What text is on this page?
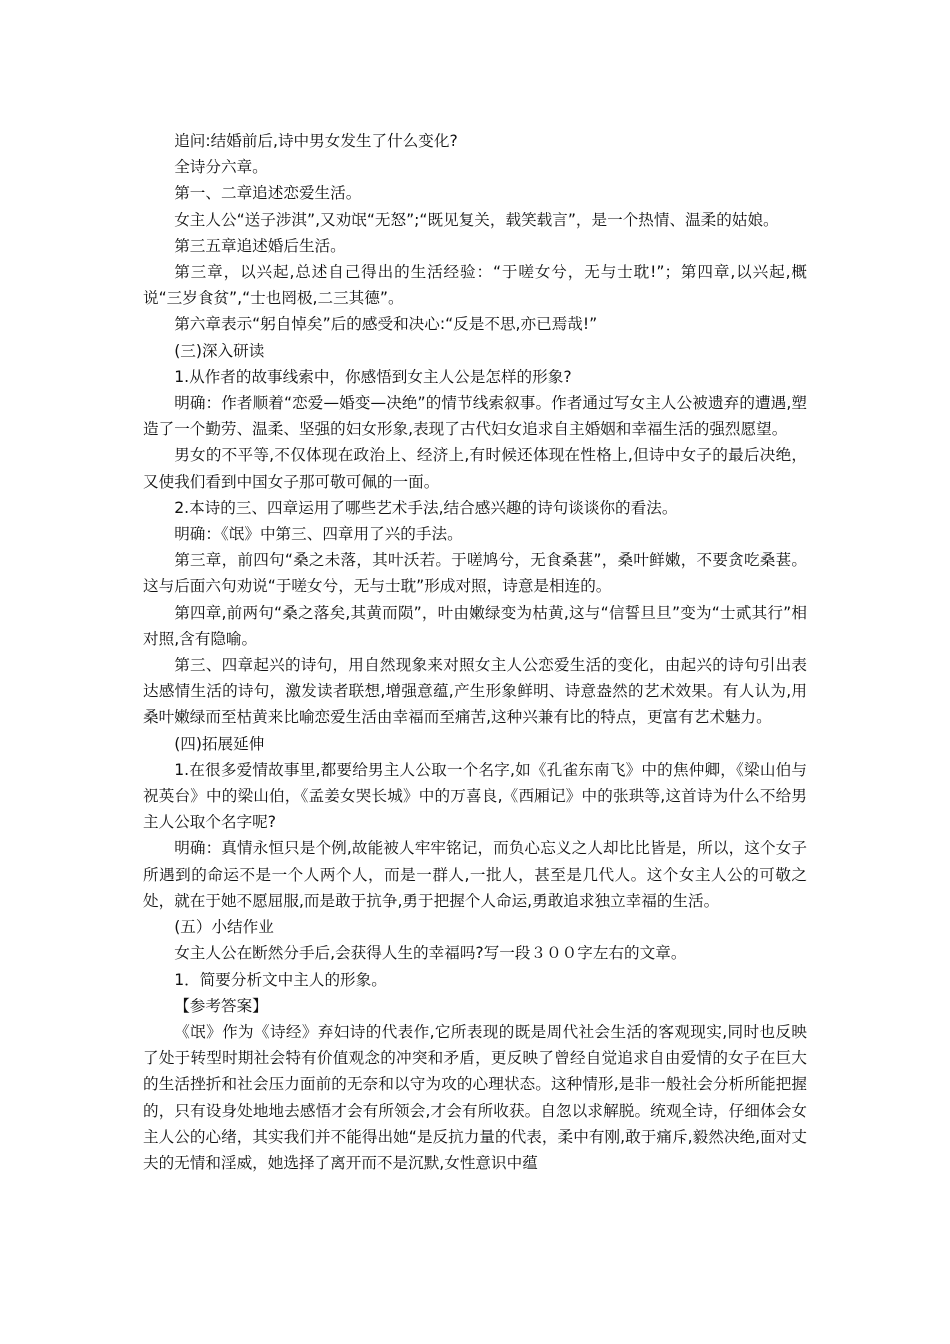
追问:结婚前后,诗中男女发生了什么变化?

全诗分六章。

第一、二章追述恋爱生活。

女主人公“送子涉淇”,又劝氓“无怒”;“既见复关，载笑载言”，是一个热情、温柔的姑娘。

第三五章追述婚后生活。

第三章，以兴起,总述自己得出的生活经验：“于嗟女兮，无与士耽!”；第四章,以兴起,概说“三岁食贫”,“士也罔极,二三其德”。

第六章表示“躬自悼矣”后的感受和决心:“反是不思,亦已焉哉!”

(三)深入研读

1.从作者的故事线索中，你感悟到女主人公是怎样的形象?

明确：作者顺着“恋爱—婚变—决绝”的情节线索叙事。作者通过写女主人公被遗弃的遭遇,塑造了一个勤劳、温柔、坚强的妇女形象,表现了古代妇女追求自主婚姻和幸福生活的强烈愿望。

男女的不平等,不仅体现在政治上、经济上,有时候还体现在性格上,但诗中女子的最后决绝，又使我们看到中国女子那可敬可佩的一面。

2.本诗的三、四章运用了哪些艺术手法,结合感兴趣的诗句谈谈你的看法。

明确：《氓》中第三、四章用了兴的手法。

第三章，前四句“桑之未落，其叶沃若。于嗟鸠兮，无食桑葚”，桑叶鲜嫩，不要贪吃桑葚。这与后面六句劝说“于嗟女兮，无与士耽”形成对照，诗意是相连的。

第四章,前两句“桑之落矣,其黄而陨”，叶由嫩绿变为枯黄,这与“信誓旦旦”变为“士贰其行”相对照,含有隐喻。

第三、四章起兴的诗句，用自然现象来对照女主人公恋爱生活的变化，由起兴的诗句引出表达感情生活的诗句，激发读者联想,增强意蕴,产生形象鲜明、诗意盎然的艺术效果。有人认为,用桑叶嫩绿而至枯黄来比喻恋爱生活由幸福而至痛苦,这种兴兼有比的特点，更富有艺术魅力。

(四)拓展延伸

1.在很多爱情故事里,都要给男主人公取一个名字,如《孔雀东南飞》中的焦仲卿，《梁山伯与祝英台》中的梁山伯，《孟姜女哭长城》中的万喜良,《西厢记》中的张珙等,这首诗为什么不给男主人公取个名字呢?

明确：真情永恒只是个例,故能被人牢牢铭记，而负心忘义之人却比比皆是，所以，这个女子所遇到的命运不是一个人两个人，而是一群人,一批人，甚至是几代人。这个女主人公的可敬之处，就在于她不愿屈服,而是敢于抗争,勇于把握个人命运,勇敢追求独立幸福的生活。

(五）小结作业

女主人公在断然分手后,会获得人生的幸福吗?写一段３００字左右的文章。

1．简要分析文中主人的形象。

【参考答案】

《氓》作为《诗经》弃妇诗的代表作,它所表现的既是周代社会生活的客观现实,同时也反映了处于转型时期社会特有价值观念的冲突和矛盾，更反映了曾经自觉追求自由爱情的女子在巨大的生活挫折和社会压力面前的无奈和以守为攻的心理状态。这种情形,是非一般社会分析所能把握的，只有设身处地地去感悟才会有所领会,才会有所收获。自忽以求解脱。统观全诗，仔细体会女主人公的心绪，其实我们并不能得出她“是反抗力量的代表，柔中有刚,敢于痛斥,毅然决绝,面对丈夫的无情和淫威，她选择了离开而不是沉默,女性意识中蕴
